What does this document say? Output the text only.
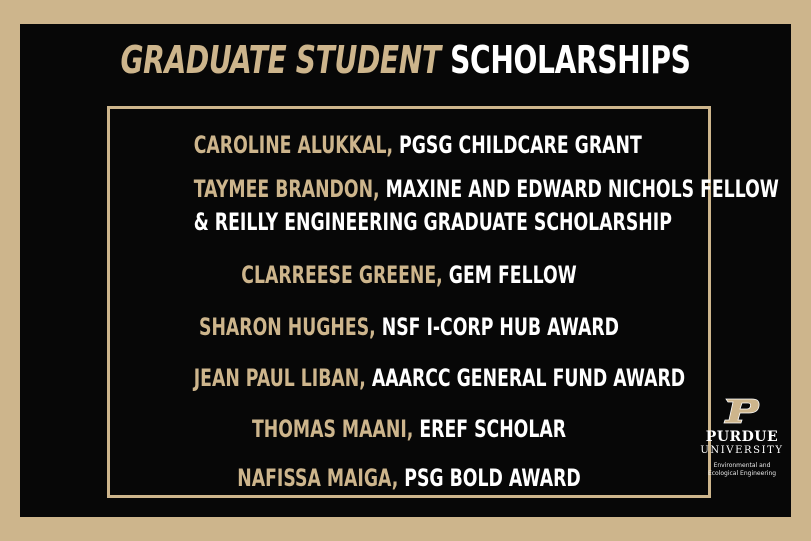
GRADUATE STUDENT SCHOLARSHIPS
CAROLINE ALUKKAL, PGSG CHILDCARE GRANT
TAYMEE BRANDON, MAXINE AND EDWARD NICHOLS FELLOW
& REILLY ENGINEERING GRADUATE SCHOLARSHIP
CLARREESE GREENE, GEM FELLOW
SHARON HUGHES, NSF I-CORP HUB AWARD
JEAN PAUL LIBAN, AAARCC GENERAL FUND AWARD
THOMAS MAANI, EREF SCHOLAR
NAFISSA MAIGA, PSG BOLD AWARD
PURDUE
UNIVERSITY
Environmental and
Ecological Engineering
